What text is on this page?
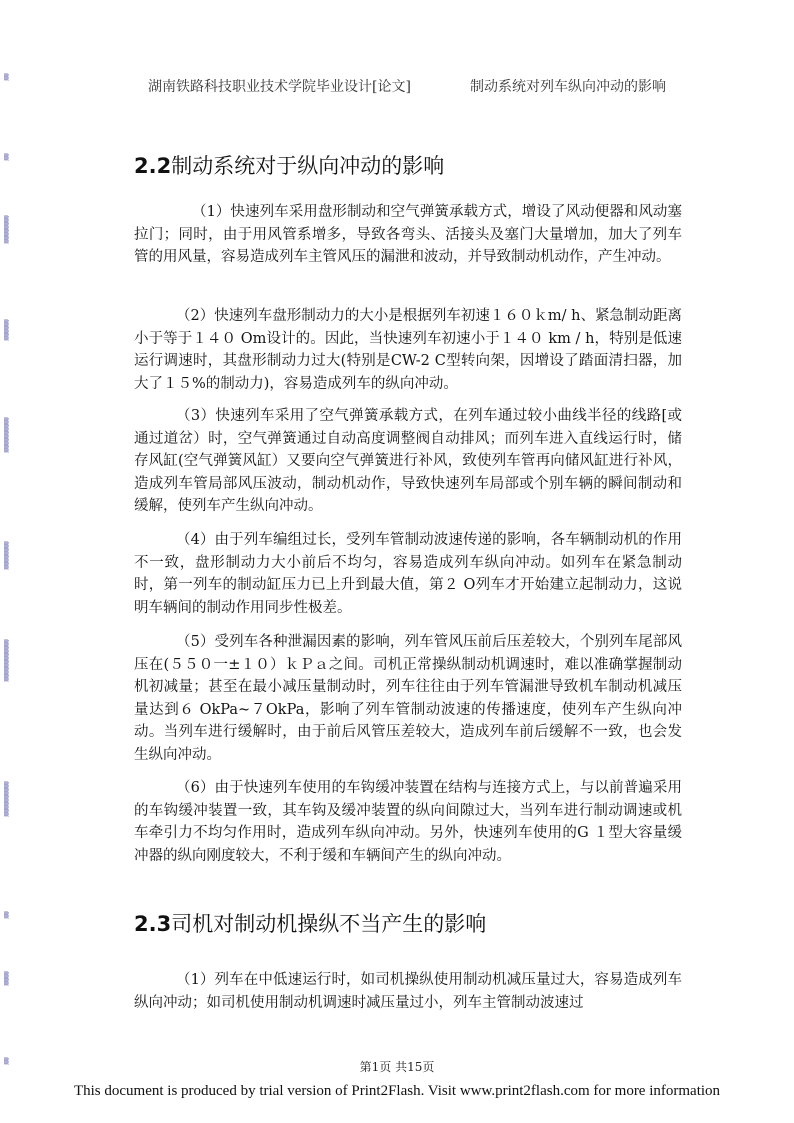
▒
▒
▒
▒
▒
▒
▒
▒
▒
▒
▒
▒
▒
▒
▒
▒
▒
▒
▒
▒
▒
▒
▒
▒
▒
▒
▒
▒
▒
▒
▒
▒
▒
湖南铁路科技职业技术学院毕业设计[论文]	制动系统对列车纵向冲动的影响
2.2制动系统对于纵向冲动的影响

（1）快速列车采用盘形制动和空气弹簧承载方式，增设了风动便器和风动塞拉门；同时，由于用风管系增多，导致各弯头、活接头及塞门大量增加，加大了列车管的用风量，容易造成列车主管风压的漏泄和波动，并导致制动机动作，产生冲动。

（2）快速列车盘形制动力的大小是根据列车初速１６０ｋm/ h、紧急制动距离小于等于１４０ Om设计的。因此，当快速列车初速小于１４０ km / h，特别是低速运行调速时，其盘形制动力过大(特别是CW-2 C型转向架，因增设了踏面清扫器，加大了１５%的制动力)，容易造成列车的纵向冲动。

（3）快速列车采用了空气弹簧承载方式，在列车通过较小曲线半径的线路[或通过道岔）时，空气弹簧通过自动高度调整阀自动排风；而列车进入直线运行时，储存风缸(空气弹簧风缸）又要向空气弹簧进行补风，致使列车管再向储风缸进行补风，造成列车管局部风压波动，制动机动作，导致快速列车局部或个别车辆的瞬间制动和缓解，使列车产生纵向冲动。

（4）由于列车编组过长，受列车管制动波速传递的影响，各车辆制动机的作用不一致，盘形制动力大小前后不均匀，容易造成列车纵向冲动。如列车在紧急制动时，第一列车的制动缸压力已上升到最大值，第２ O列车才开始建立起制动力，这说明车辆间的制动作用同步性极差。

（5）受列车各种泄漏因素的影响，列车管风压前后压差较大，个别列车尾部风压在(５５０一±１０）ｋＰａ之间。司机正常操纵制动机调速时，难以准确掌握制动机初减量；甚至在最小减压量制动时，列车往往由于列车管漏泄导致机车制动机减压量达到６ OkPa~７OkPa，影响了列车管制动波速的传播速度，使列车产生纵向冲动。当列车进行缓解时，由于前后风管压差较大，造成列车前后缓解不一致，也会发生纵向冲动。

（6）由于快速列车使用的车钩缓冲装置在结构与连接方式上，与以前普遍采用的车钩缓冲装置一致，其车钩及缓冲装置的纵向间隙过大，当列车进行制动调速或机车牵引力不均匀作用时，造成列车纵向冲动。另外，快速列车使用的G １型大容量缓冲器的纵向刚度较大，不利于缓和车辆间产生的纵向冲动。

2.3司机对制动机操纵不当产生的影响

（1）列车在中低速运行时，如司机操纵使用制动机减压量过大，容易造成列车纵向冲动；如司机使用制动机调速时减压量过小，列车主管制动波速过

第1页 共15页
This document is produced by trial version of Print2Flash. Visit www.print2flash.com for more information
